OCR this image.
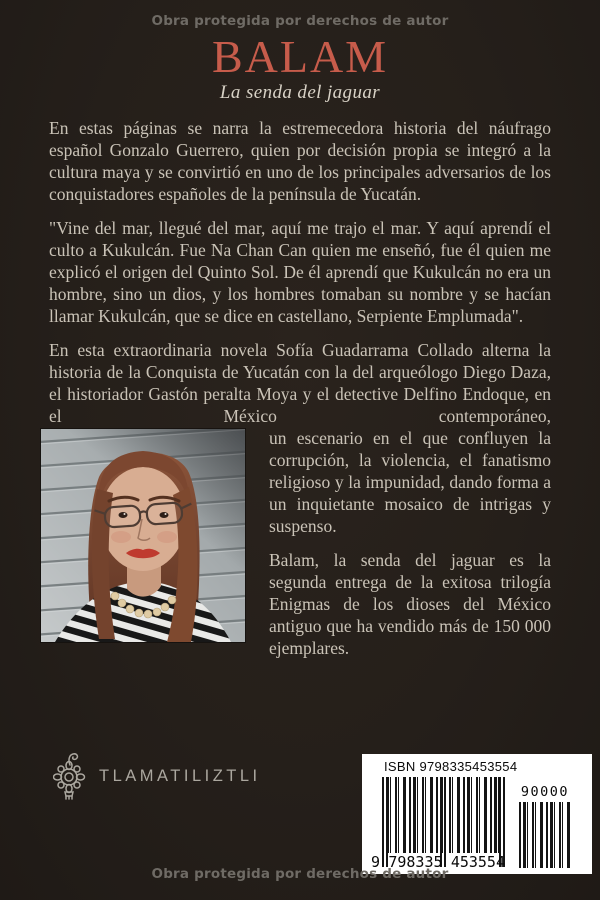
Obra protegida por derechos de autor
BALAM
La senda del jaguar

En estas páginas se narra la estremecedora historia del náufrago español Gonzalo Guerrero, quien por decisión propia se integró a la cultura maya y se convirtió en uno de los principales adversarios de los conquistadores españoles de la península de Yucatán.

"Vine del mar, llegué del mar, aquí me trajo el mar. Y aquí aprendí el culto a Kukulcán. Fue Na Chan Can quien me enseñó, fue él quien me explicó el origen del Quinto Sol. De él aprendí que Kukulcán no era un hombre, sino un dios, y los hombres tomaban su nombre y se hacían llamar Kukulcán, que se dice en castellano, Serpiente Emplumada".

En esta extraordinaria novela Sofía Guadarrama Collado alterna la historia de la Conquista de Yucatán con la del arqueólogo Diego Daza, el historiador Gastón peralta Moya y el detective Delfino Endoque, en el México contemporáneo,

un escenario en el que confluyen la corrupción, la violencia, el fanatismo religioso y la impunidad, dando forma a un inquietante mosaico de intrigas y suspenso.

Balam, la senda del jaguar es la segunda entrega de la exitosa trilogía Enigmas de los dioses del México antiguo que ha vendido más de 150 000 ejemplares.

TLAMATILIZTLI	ISBN 9798335453554
9 798335 453554
90000
Obra protegida por derechos de autor
